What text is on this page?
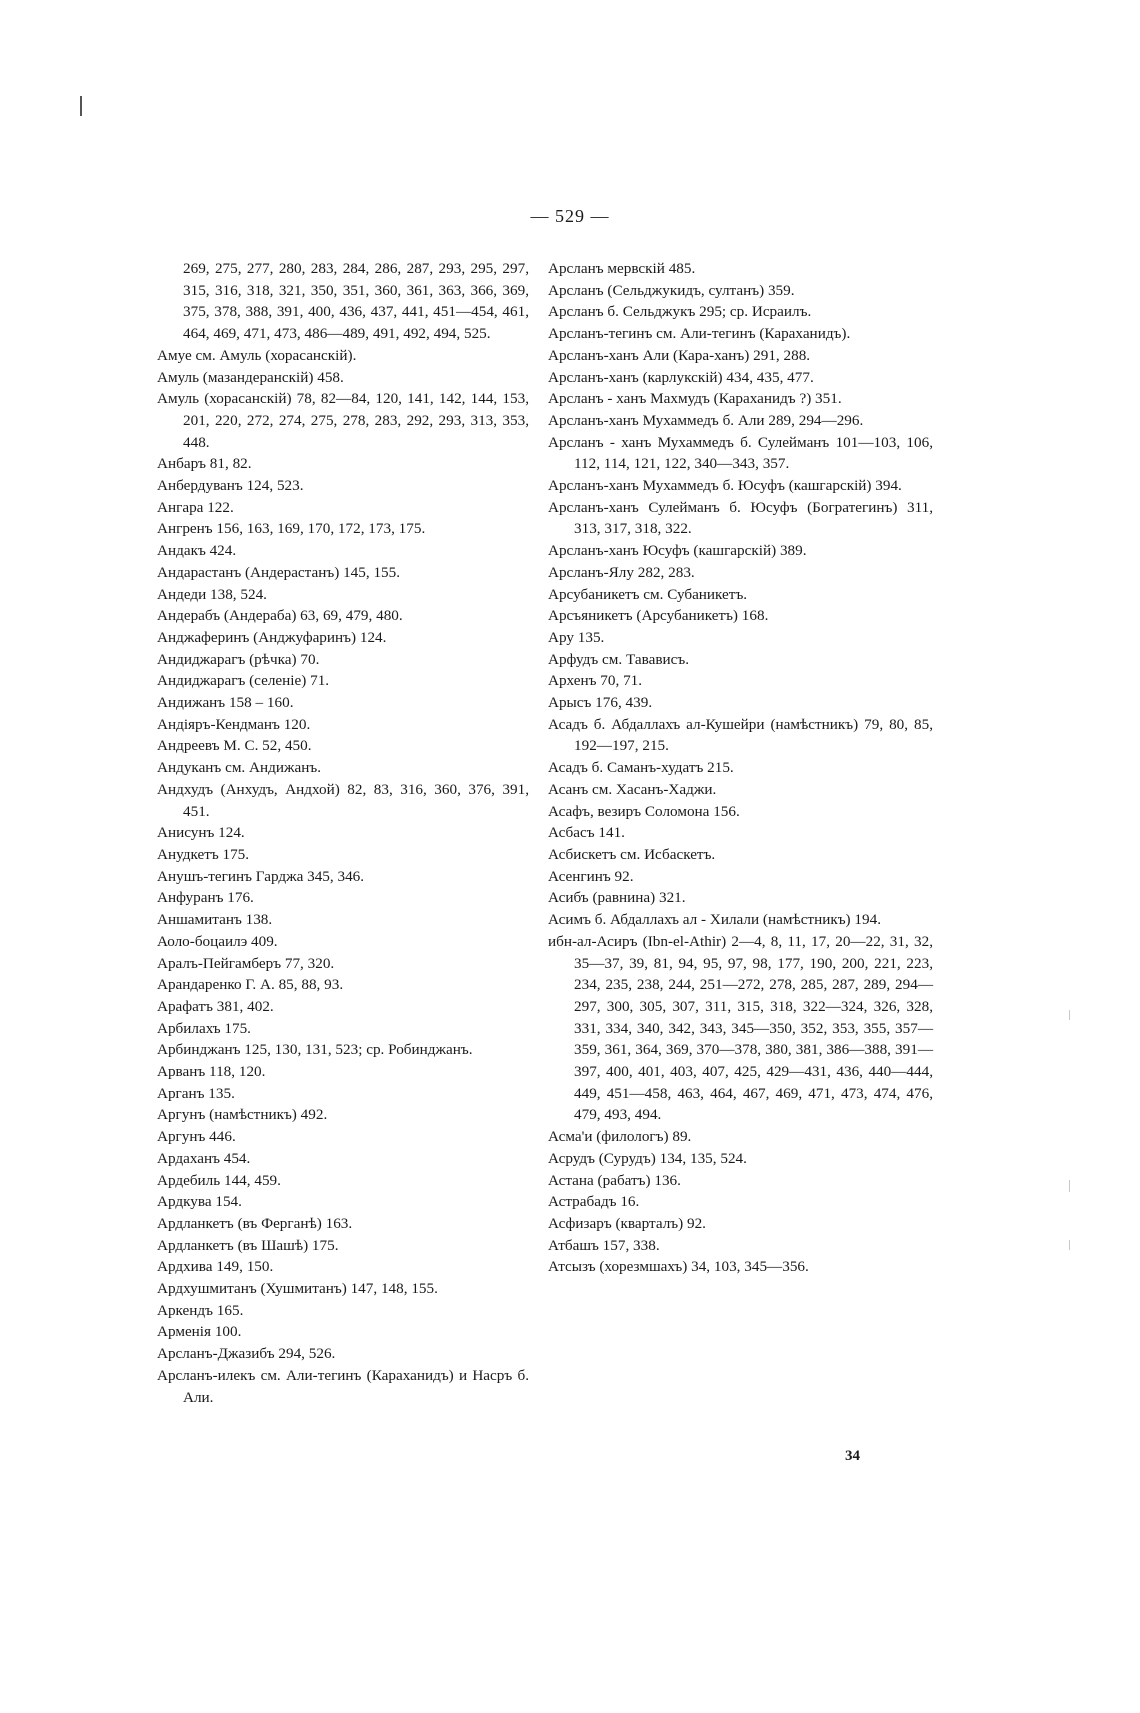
— 529 —
269, 275, 277, 280, 283, 284, 286, 287, 293, 295, 297, 315, 316, 318, 321, 350, 351, 360, 361, 363, 366, 369, 375, 378, 388, 391, 400, 436, 437, 441, 451—454, 461, 464, 469, 471, 473, 486—489, 491, 492, 494, 525.
Амуе см. Амуль (хорасанскій).
Амуль (мазандеранскій) 458.
Амуль (хорасанскій) 78, 82—84, 120, 141, 142, 144, 153, 201, 220, 272, 274, 275, 278, 283, 292, 293, 313, 353, 448.
Анбаръ 81, 82.
Анбердуванъ 124, 523.
Ангара 122.
Ангренъ 156, 163, 169, 170, 172, 173, 175.
Андакъ 424.
Андарастанъ (Андерастанъ) 145, 155.
Андеди 138, 524.
Андерабъ (Андераба) 63, 69, 479, 480.
Анджаферинъ (Анджуфаринъ) 124.
Андиджарагъ (рѣчка) 70.
Андиджарагъ (селеніе) 71.
Андижанъ 158 – 160.
Андіяръ-Кендманъ 120.
Андреевъ М. С. 52, 450.
Андуканъ см. Андижанъ.
Андхудъ (Анхудъ, Андхой) 82, 83, 316, 360, 376, 391, 451.
Анисунъ 124.
Анудкетъ 175.
Анушъ-тегинъ Гарджа 345, 346.
Анфуранъ 176.
Аншамитанъ 138.
Аоло-боцаилэ 409.
Аралъ-Пейгамберъ 77, 320.
Арандаренко Г. А. 85, 88, 93.
Арафатъ 381, 402.
Арбилахъ 175.
Арбинджанъ 125, 130, 131, 523; ср. Робинджанъ.
Арванъ 118, 120.
Арганъ 135.
Аргунъ (намѣстникъ) 492.
Аргунъ 446.
Ардаханъ 454.
Ардебиль 144, 459.
Ардкува 154.
Ардланкетъ (въ Ферганѣ) 163.
Ардланкетъ (въ Шашѣ) 175.
Ардхива 149, 150.
Ардхушмитанъ (Хушмитанъ) 147, 148, 155.
Аркендъ 165.
Арменія 100.
Арсланъ-Джазибъ 294, 526.
Арсланъ-илекъ см. Али-тегинъ (Караханидъ) и Насръ б. Али.
Арсланъ мервскій 485.
Арсланъ (Сельджукидъ, султанъ) 359.
Арсланъ б. Сельджукъ 295; ср. Исраилъ.
Арсланъ-тегинъ см. Али-тегинъ (Караханидъ).
Арсланъ-ханъ Али (Кара-ханъ) 291, 288.
Арсланъ-ханъ (карлукскій) 434, 435, 477.
Арсланъ - ханъ Махмудъ (Караханидъ ?) 351.
Арсланъ-ханъ Мухаммедъ б. Али 289, 294—296.
Арсланъ - ханъ Мухаммедъ б. Сулейманъ 101—103, 106, 112, 114, 121, 122, 340—343, 357.
Арсланъ-ханъ Мухаммедъ б. Юсуфъ (кашгарскій) 394.
Арсланъ-ханъ Сулейманъ б. Юсуфъ (Богратегинъ) 311, 313, 317, 318, 322.
Арсланъ-ханъ Юсуфъ (кашгарскій) 389.
Арсланъ-Ялу 282, 283.
Арсубаникетъ см. Субаникетъ.
Арсъяникетъ (Арсубаникетъ) 168.
Ару 135.
Арфудъ см. Тавависъ.
Архенъ 70, 71.
Арысъ 176, 439.
Асадъ б. Абдаллахъ ал-Кушейри (намѣстникъ) 79, 80, 85, 192—197, 215.
Асадъ б. Саманъ-худатъ 215.
Асанъ см. Хасанъ-Хаджи.
Асафъ, везиръ Соломона 156.
Асбасъ 141.
Асбискетъ см. Исбаскетъ.
Асенгинъ 92.
Асибъ (равнина) 321.
Асимъ б. Абдаллахъ ал - Хилали (намѣстникъ) 194.
ибн-ал-Асиръ (Ibn-el-Athir) 2—4, 8, 11, 17, 20—22, 31, 32, 35—37, 39, 81, 94, 95, 97, 98, 177, 190, 200, 221, 223, 234, 235, 238, 244, 251—272, 278, 285, 287, 289, 294—297, 300, 305, 307, 311, 315, 318, 322—324, 326, 328, 331, 334, 340, 342, 343, 345—350, 352, 353, 355, 357—359, 361, 364, 369, 370—378, 380, 381, 386—388, 391—397, 400, 401, 403, 407, 425, 429—431, 436, 440—444, 449, 451—458, 463, 464, 467, 469, 471, 473, 474, 476, 479, 493, 494.
Асма'и (филологъ) 89.
Асрудъ (Сурудъ) 134, 135, 524.
Астана (рабатъ) 136.
Астрабадъ 16.
Асфизаръ (кварталъ) 92.
Атбашъ 157, 338.
Атсызъ (хорезмшахъ) 34, 103, 345—356.
34
